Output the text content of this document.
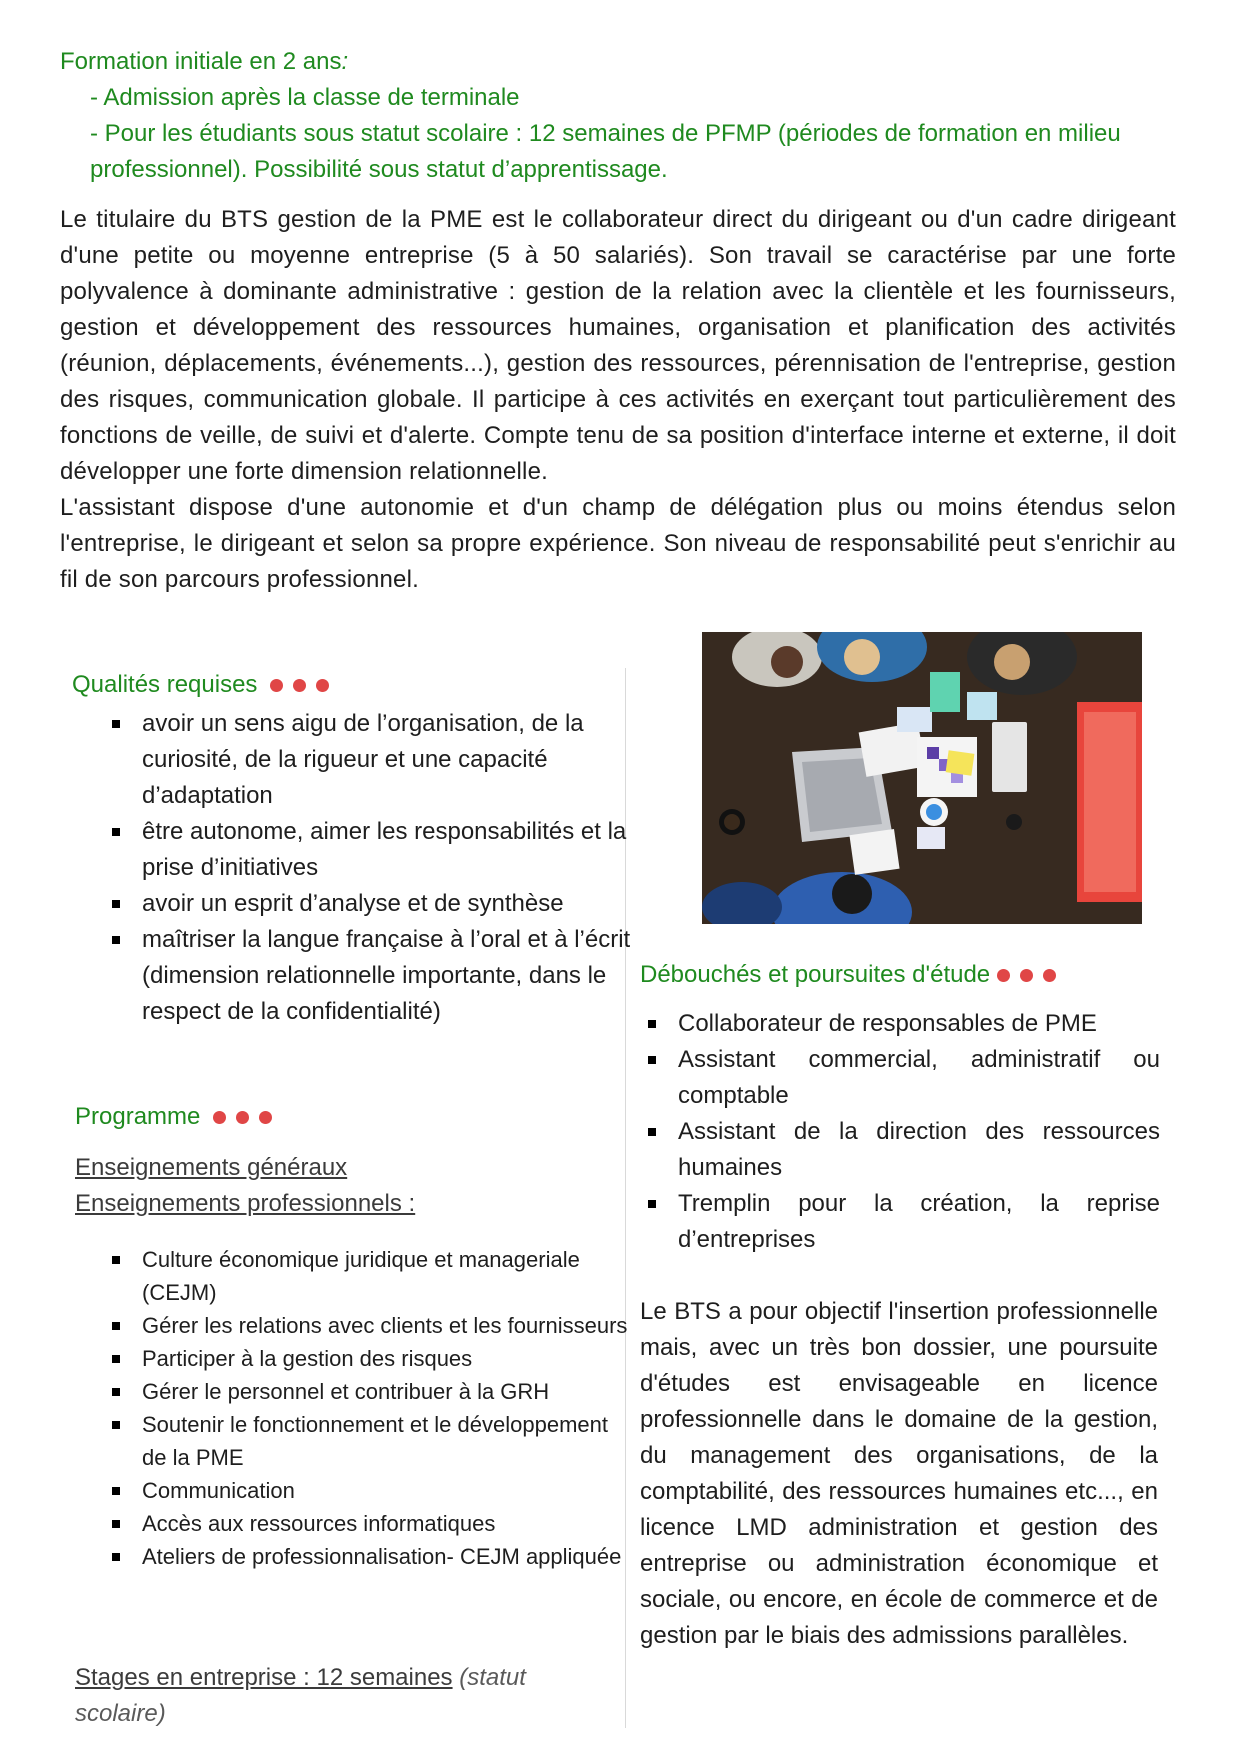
Formation initiale en 2 ans:
- Admission après la classe de terminale
- Pour les étudiants sous statut scolaire : 12 semaines de PFMP (périodes de formation en milieu professionnel). Possibilité sous statut d’apprentissage.

Le titulaire du BTS gestion de la PME est le collaborateur direct du dirigeant ou d'un cadre dirigeant d'une petite ou moyenne entreprise (5 à 50 salariés). Son travail se caractérise par une forte polyvalence à dominante administrative : gestion de la relation avec la clientèle et les fournisseurs, gestion et développement des ressources humaines, organisation et planification des activités (réunion, déplacements, événements...), gestion des ressources, pérennisation de l'entreprise, gestion des risques, communication globale. Il participe à ces activités en exerçant tout particulièrement des fonctions de veille, de suivi et d'alerte. Compte tenu de sa position d'interface interne et externe, il doit développer une forte dimension relationnelle.

L'assistant dispose d'une autonomie et d'un champ de délégation plus ou moins étendus selon l'entreprise, le dirigeant et selon sa propre expérience. Son niveau de responsabilité peut s'enrichir au fil de son parcours professionnel.

Qualités requises
avoir un sens aigu de l’organisation, de la curiosité, de la rigueur et une capacité d’adaptation
être autonome, aimer les responsabilités et la prise d’initiatives
avoir un esprit d’analyse et de synthèse
maîtriser la langue française à l’oral et à l’écrit (dimension relationnelle importante, dans le respect de la confidentialité)
Programme
Enseignements généraux
Enseignements professionnels :
Culture économique juridique et manageriale (CEJM)
Gérer les relations avec clients et les fournisseurs
Participer à la gestion des risques
Gérer le personnel et contribuer à la GRH
Soutenir le fonctionnement et le développement de la PME
Communication
Accès aux ressources informatiques
Ateliers de professionnalisation- CEJM appliquée
Stages en entreprise : 12 semaines (statut scolaire)
Débouchés et poursuites d'étude
Collaborateur de responsables de PME
Assistant commercial, administratif ou comptable
Assistant de la direction des ressources humaines
Tremplin pour la création, la reprise d’entreprises

Le BTS a pour objectif l'insertion professionnelle mais, avec un très bon dossier, une poursuite d'études est envisageable en licence professionnelle dans le domaine de la gestion, du management des organisations, de la comptabilité, des ressources humaines etc..., en licence LMD administration et gestion des entreprise ou administration économique et sociale, ou encore, en école de commerce et de gestion par le biais des admissions parallèles.
